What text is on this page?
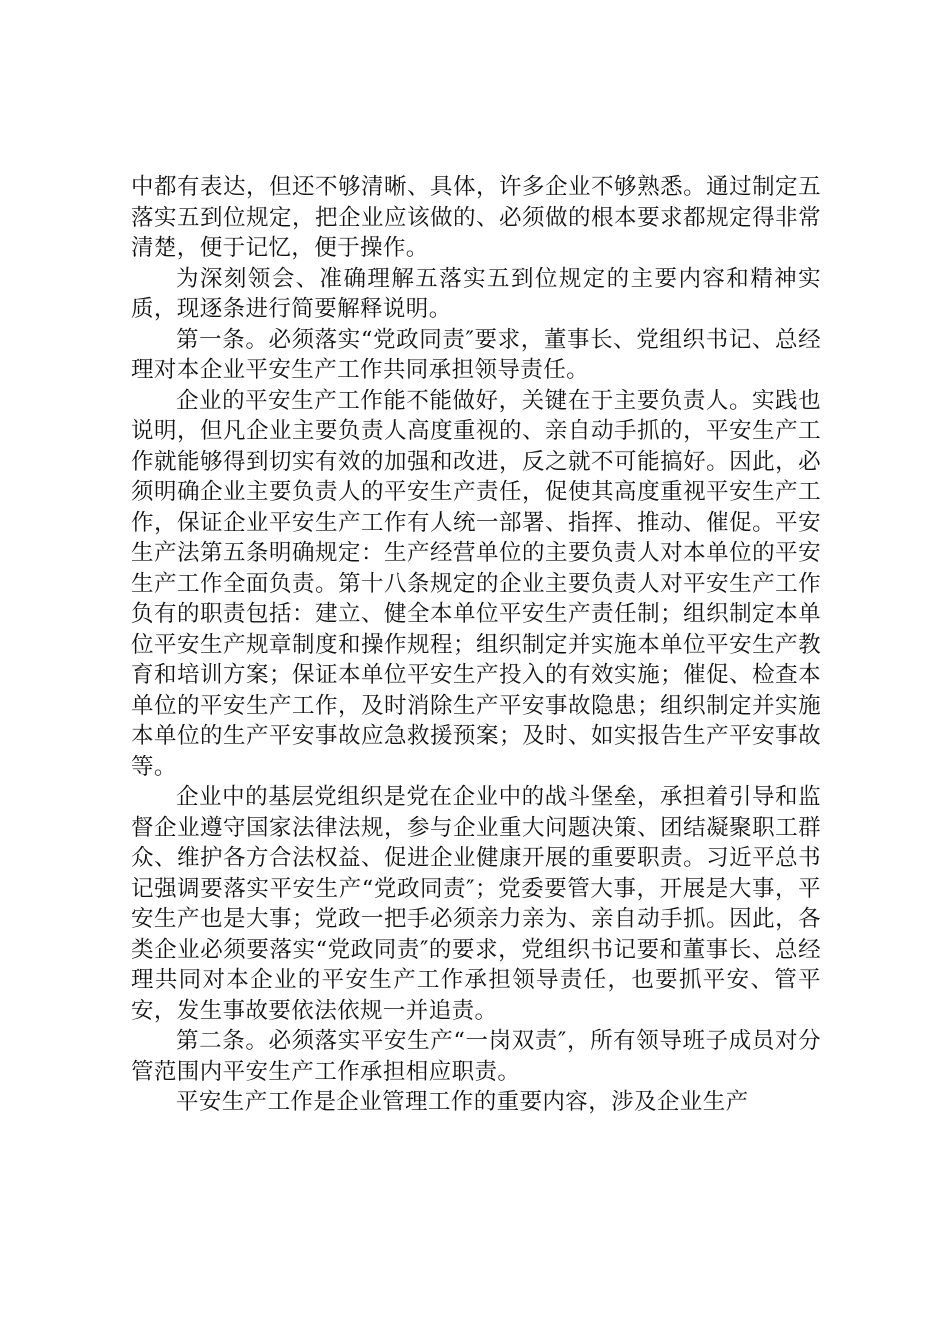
中都有表达，但还不够清晰、具体，许多企业不够熟悉。通过制定五落实五到位规定，把企业应该做的、必须做的根本要求都规定得非常清楚，便于记忆，便于操作。

为深刻领会、准确理解五落实五到位规定的主要内容和精神实质，现逐条进行简要解释说明。

第一条。必须落实“党政同责″要求，董事长、党组织书记、总经理对本企业平安生产工作共同承担领导责任。

企业的平安生产工作能不能做好，关键在于主要负责人。实践也说明，但凡企业主要负责人高度重视的、亲自动手抓的，平安生产工作就能够得到切实有效的加强和改进，反之就不可能搞好。因此，必须明确企业主要负责人的平安生产责任，促使其高度重视平安生产工作，保证企业平安生产工作有人统一部署、指挥、推动、催促。平安生产法第五条明确规定：生产经营单位的主要负责人对本单位的平安生产工作全面负责。第十八条规定的企业主要负责人对平安生产工作负有的职责包括：建立、健全本单位平安生产责任制；组织制定本单位平安生产规章制度和操作规程；组织制定并实施本单位平安生产教育和培训方案；保证本单位平安生产投入的有效实施；催促、检查本单位的平安生产工作，及时消除生产平安事故隐患；组织制定并实施本单位的生产平安事故应急救援预案；及时、如实报告生产平安事故等。

企业中的基层党组织是党在企业中的战斗堡垒，承担着引导和监督企业遵守国家法律法规，参与企业重大问题决策、团结凝聚职工群众、维护各方合法权益、促进企业健康开展的重要职责。习近平总书记强调要落实平安生产“党政同责″；党委要管大事，开展是大事，平安生产也是大事；党政一把手必须亲力亲为、亲自动手抓。因此，各类企业必须要落实“党政同责″的要求，党组织书记要和董事长、总经理共同对本企业的平安生产工作承担领导责任，也要抓平安、管平安，发生事故要依法依规一并追责。

第二条。必须落实平安生产“一岗双责″，所有领导班子成员对分管范围内平安生产工作承担相应职责。

平安生产工作是企业管理工作的重要内容，涉及企业生产
